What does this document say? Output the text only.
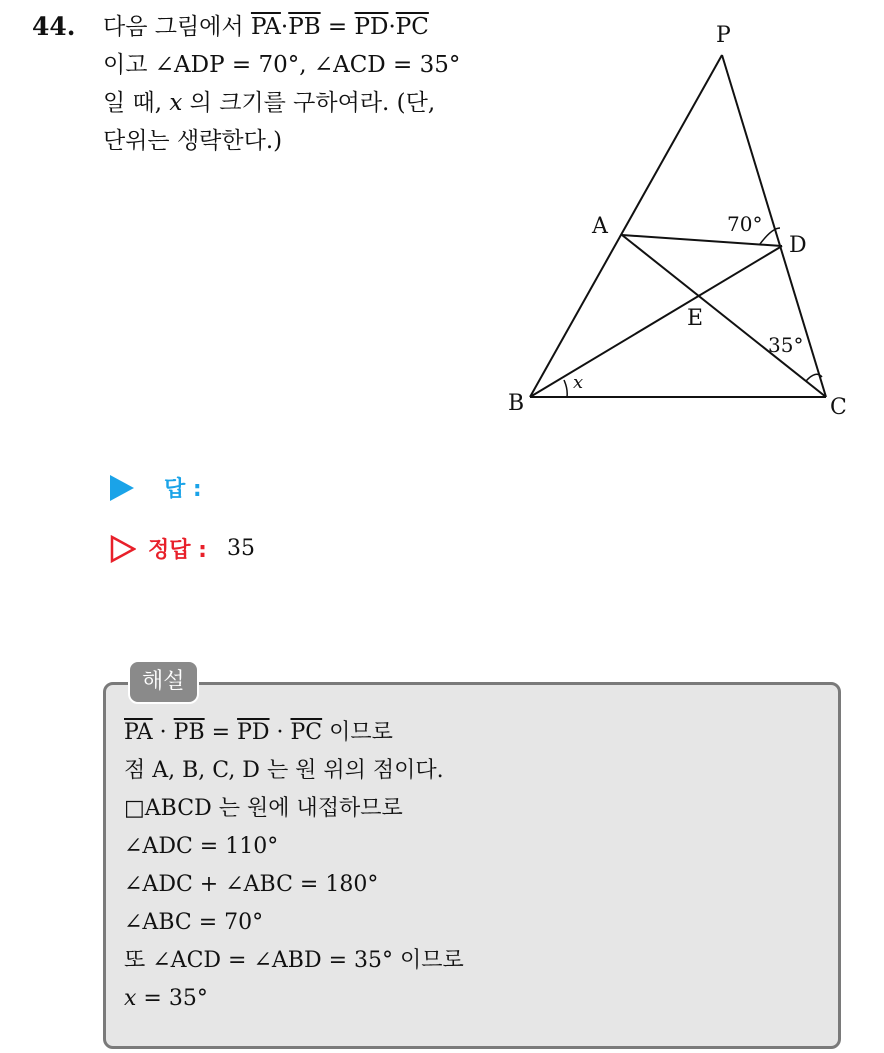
44. 다음 그림에서 $\overline{PA}\cdot\overline{PB} = \overline{PD}\cdot\overline{PC}$
이고 ∠ADP = 70°, ∠ACD = 35°
일 때, x 의 크기를 구하여라. (단,
단위는 생략한다.)
P
A
D
E
B	C
70°
35°
x
답 :
정답 : 35
해설
$\overline{PA} \cdot \overline{PB} = \overline{PD} \cdot \overline{PC}$ 이므로
점 A, B, C, D 는 원 위의 점이다.
□ABCD 는 원에 내접하므로
∠ADC = 110°
∠ADC + ∠ABC = 180°
∠ABC = 70°
또 ∠ACD = ∠ABD = 35° 이므로
x = 35°
